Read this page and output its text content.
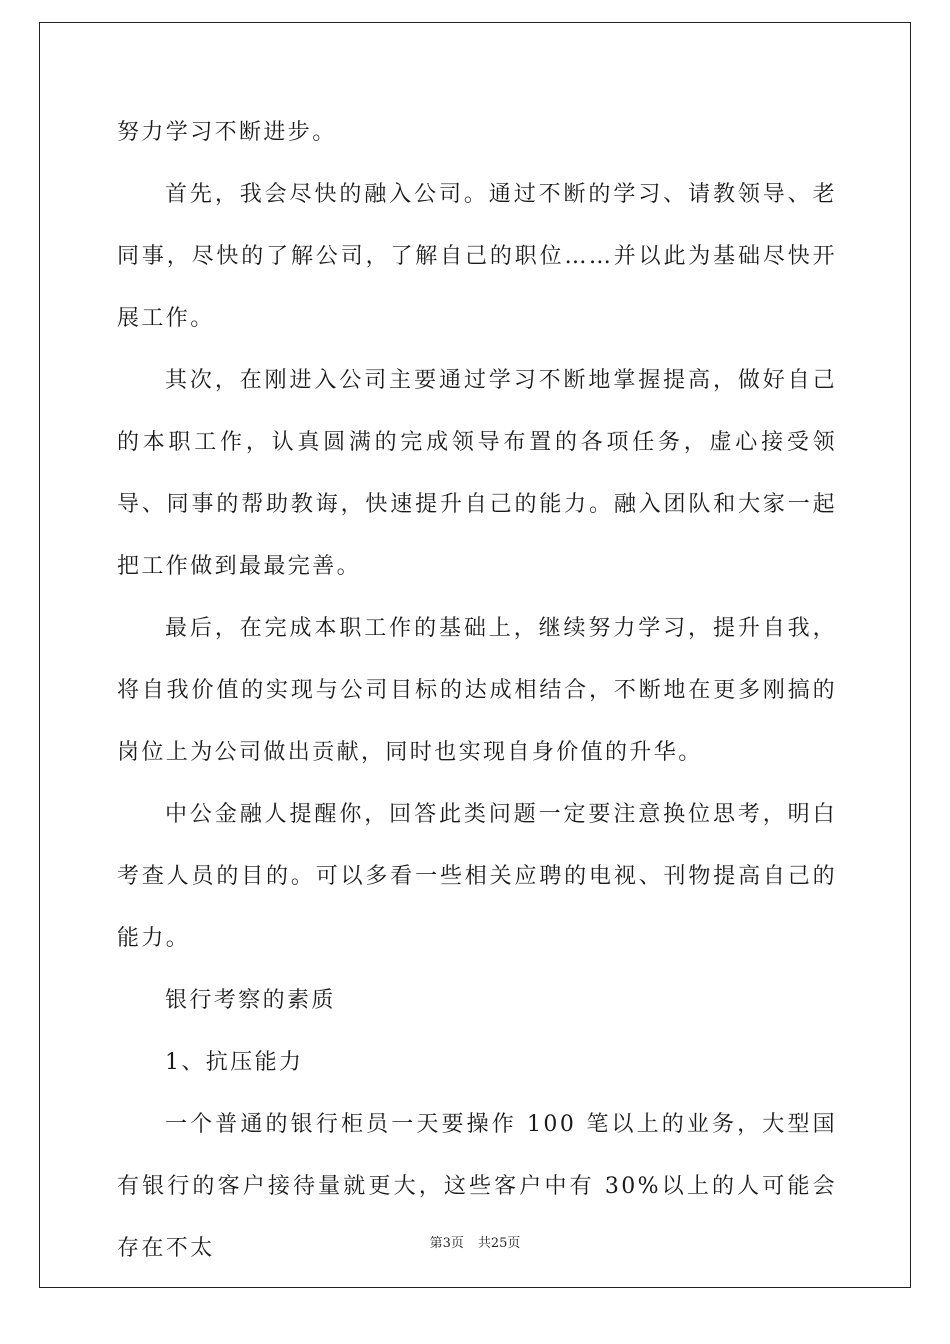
努力学习不断进步。

首先，我会尽快的融入公司。通过不断的学习、请教领导、老同事，尽快的了解公司，了解自己的职位……并以此为基础尽快开展工作。

其次，在刚进入公司主要通过学习不断地掌握提高，做好自己的本职工作，认真圆满的完成领导布置的各项任务，虚心接受领导、同事的帮助教诲，快速提升自己的能力。融入团队和大家一起把工作做到最最完善。

最后，在完成本职工作的基础上，继续努力学习，提升自我，将自我价值的实现与公司目标的达成相结合，不断地在更多刚搞的岗位上为公司做出贡献，同时也实现自身价值的升华。

中公金融人提醒你，回答此类问题一定要注意换位思考，明白考查人员的目的。可以多看一些相关应聘的电视、刊物提高自己的能力。

银行考察的素质

1、抗压能力

一个普通的银行柜员一天要操作 100 笔以上的业务，大型国有银行的客户接待量就更大，这些客户中有 30%以上的人可能会存在不太	第3页 共25页
